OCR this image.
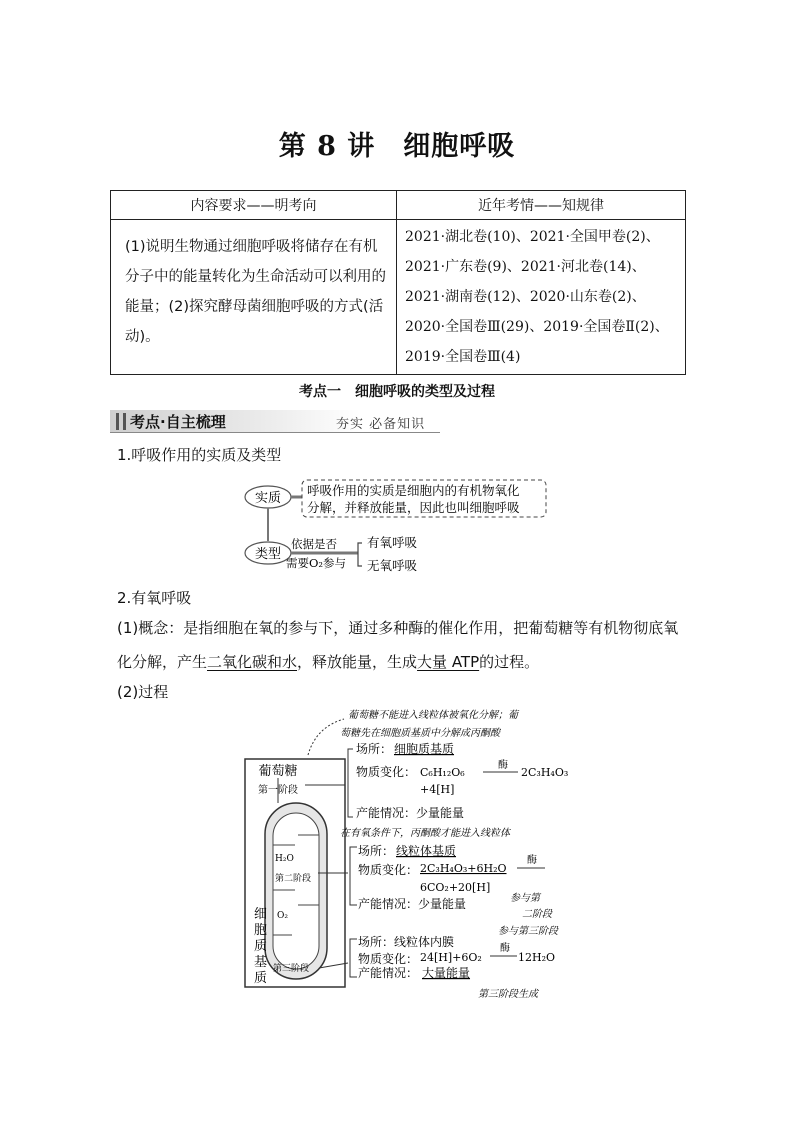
第 8 讲　细胞呼吸
内容要求——明考向	近年考情——知规律
(1)说明生物通过细胞呼吸将储存在有机分子中的能量转化为生命活动可以利用的能量；(2)探究酵母菌细胞呼吸的方式(活动)。	2021·湖北卷(10)、2021·全国甲卷(2)、
2021·广东卷(9)、2021·河北卷(14)、
2021·湖南卷(12)、2020·山东卷(2)、
2020·全国卷Ⅲ(29)、2019·全国卷Ⅱ(2)、
2019·全国卷Ⅲ(4)
考点一　细胞呼吸的类型及过程
考点·自主梳理	夯实 必备知识
1.呼吸作用的实质及类型
实质
呼吸作用的实质是细胞内的有机物氧化
分解，并释放能量，因此也叫细胞呼吸
类型
依据是否
需要O₂参与
有氧呼吸
无氧呼吸
2.有氧呼吸
(1)概念：是指细胞在氧的参与下，通过多种酶的催化作用，把葡萄糖等有机物彻底氧化分解，产生二氧化碳和水，释放能量，生成大量 ATP的过程。
(2)过程
葡萄糖
第一阶段
H₂O
第二阶段
O₂
第三阶段
细
胞
质
基
质
葡萄糖不能进入线粒体被氧化分解；葡
萄糖先在细胞质基质中分解成丙酮酸
场所： 细胞质基质
物质变化： C₆H₁₂O₆
酶
2C₃H₄O₃
+4[H]
产能情况：少量能量
在有氧条件下，丙酮酸才能进入线粒体
场所： 线粒体基质
物质变化： 2C₃H₄O₃+6H₂O
酶
6CO₂+20[H]
产能情况：少量能量	参与第
二阶段
参与第三阶段
场所：线粒体内膜
物质变化： 24[H]+6O₂
酶
12H₂O
产能情况： 大量能量
第三阶段生成
